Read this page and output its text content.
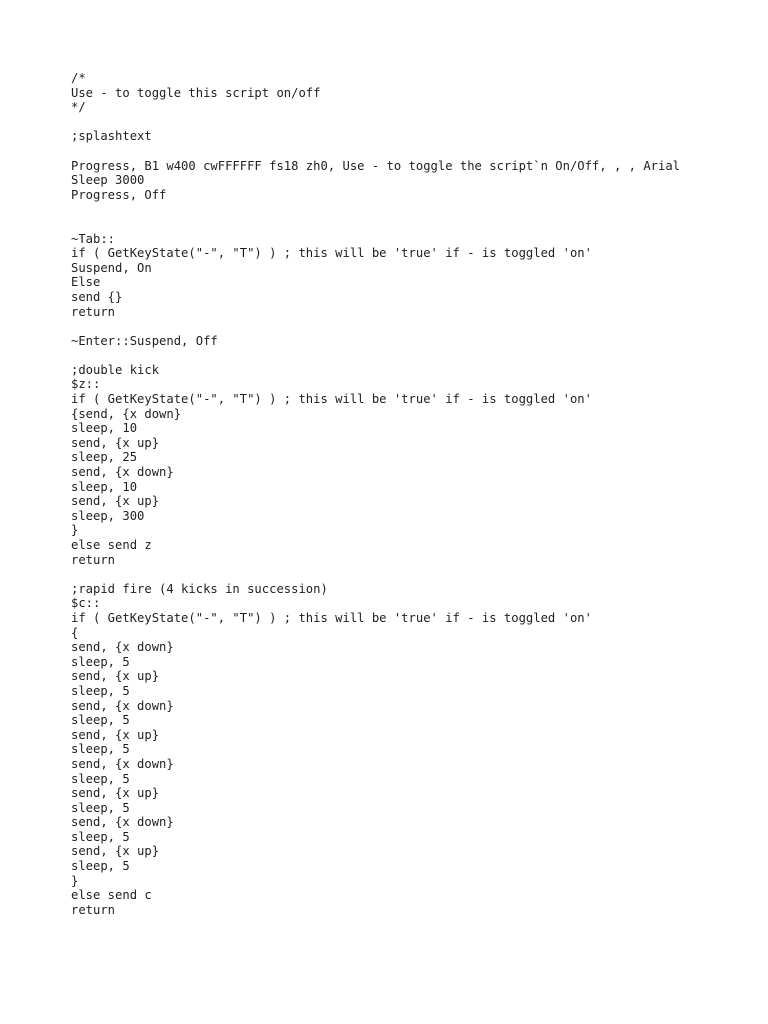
/*
Use - to toggle this script on/off
*/
;splashtext
Progress, B1 w400 cwFFFFFF fs18 zh0, Use - to toggle the script`n On/Off, , , Arial
Sleep 3000
Progress, Off
~Tab::
if ( GetKeyState("-", "T") ) ; this will be 'true' if - is toggled 'on'
Suspend, On
Else
send {}
return
~Enter::Suspend, Off
;double kick
$z::
if ( GetKeyState("-", "T") ) ; this will be 'true' if - is toggled 'on'
{send, {x down}
sleep, 10
send, {x up}
sleep, 25
send, {x down}
sleep, 10
send, {x up}
sleep, 300
}
else send z
return
;rapid fire (4 kicks in succession)
$c::
if ( GetKeyState("-", "T") ) ; this will be 'true' if - is toggled 'on'
{
send, {x down}
sleep, 5
send, {x up}
sleep, 5
send, {x down}
sleep, 5
send, {x up}
sleep, 5
send, {x down}
sleep, 5
send, {x up}
sleep, 5
send, {x down}
sleep, 5
send, {x up}
sleep, 5
}
else send c
return
